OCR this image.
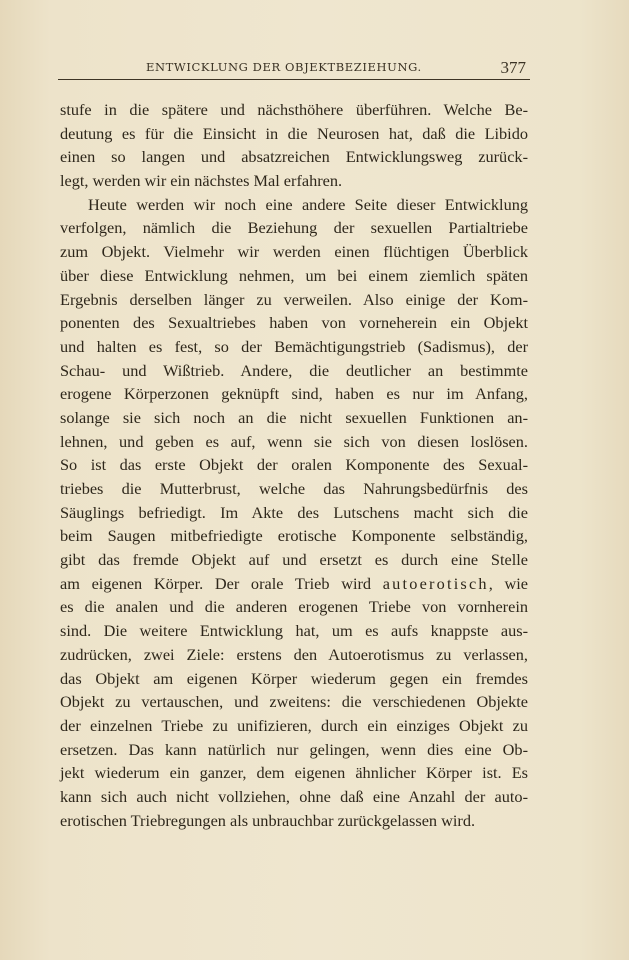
ENTWICKLUNG DER OBJEKTBEZIEHUNG.	377
stufe in die spätere und nächsthöhere überführen. Welche Be-
deutung es für die Einsicht in die Neurosen hat, daß die Libido
einen so langen und absatzreichen Entwicklungsweg zurück-
legt, werden wir ein nächstes Mal erfahren.
Heute werden wir noch eine andere Seite dieser Entwicklung
verfolgen, nämlich die Beziehung der sexuellen Partialtriebe
zum Objekt. Vielmehr wir werden einen flüchtigen Überblick
über diese Entwicklung nehmen, um bei einem ziemlich späten
Ergebnis derselben länger zu verweilen. Also einige der Kom-
ponenten des Sexualtriebes haben von vorneherein ein Objekt
und halten es fest, so der Bemächtigungstrieb (Sadismus), der
Schau- und Wißtrieb. Andere, die deutlicher an bestimmte
erogene Körperzonen geknüpft sind, haben es nur im Anfang,
solange sie sich noch an die nicht sexuellen Funktionen an-
lehnen, und geben es auf, wenn sie sich von diesen loslösen.
So ist das erste Objekt der oralen Komponente des Sexual-
triebes die Mutterbrust, welche das Nahrungsbedürfnis des
Säuglings befriedigt. Im Akte des Lutschens macht sich die
beim Saugen mitbefriedigte erotische Komponente selbständig,
gibt das fremde Objekt auf und ersetzt es durch eine Stelle
am eigenen Körper. Der orale Trieb wird autoerotisch, wie
es die analen und die anderen erogenen Triebe von vornherein
sind. Die weitere Entwicklung hat, um es aufs knappste aus-
zudrücken, zwei Ziele: erstens den Autoerotismus zu verlassen,
das Objekt am eigenen Körper wiederum gegen ein fremdes
Objekt zu vertauschen, und zweitens: die verschiedenen Objekte
der einzelnen Triebe zu unifizieren, durch ein einziges Objekt zu
ersetzen. Das kann natürlich nur gelingen, wenn dies eine Ob-
jekt wiederum ein ganzer, dem eigenen ähnlicher Körper ist. Es
kann sich auch nicht vollziehen, ohne daß eine Anzahl der auto-
erotischen Triebregungen als unbrauchbar zurückgelassen wird.
